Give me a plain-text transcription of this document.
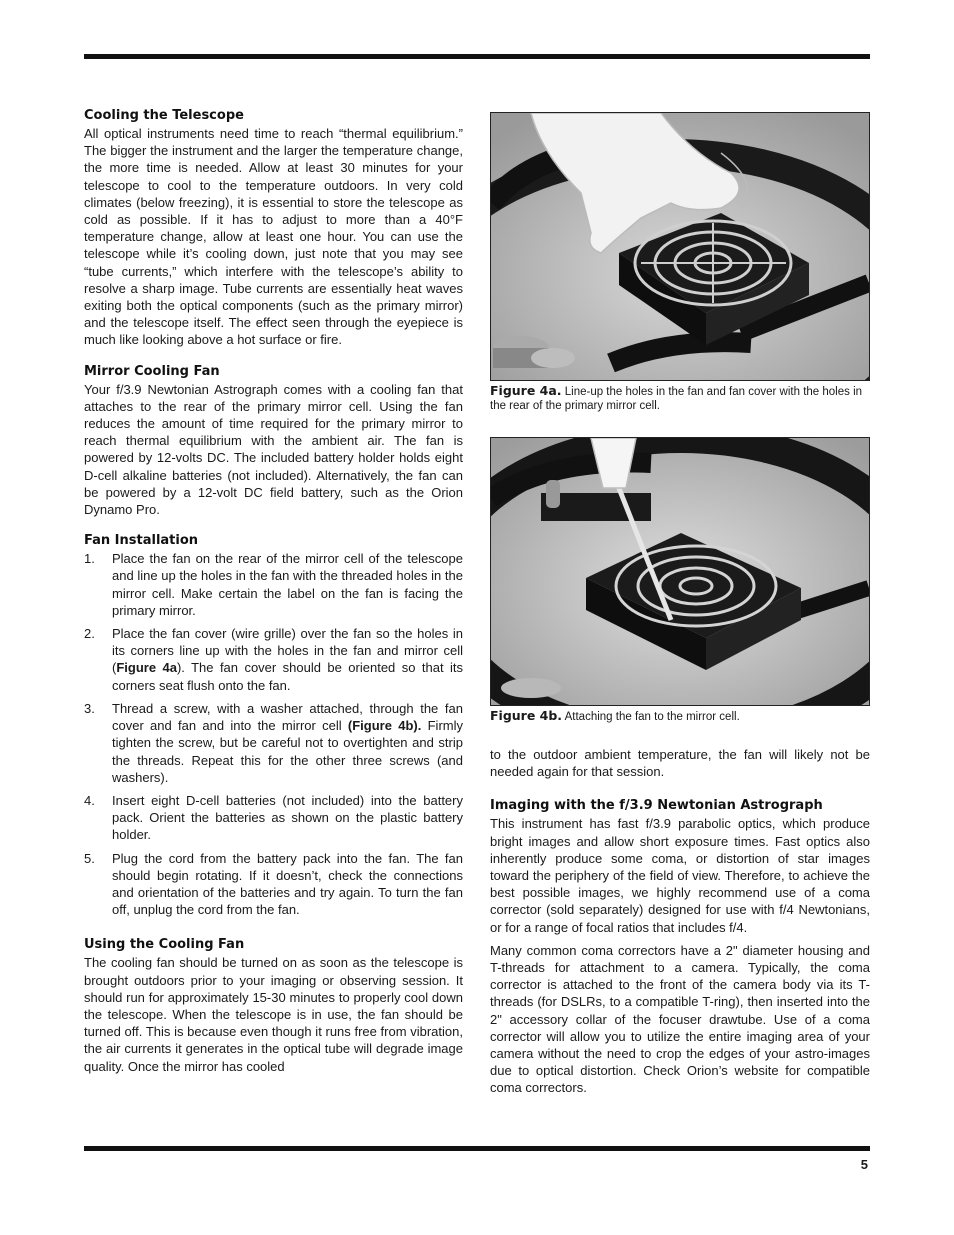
Cooling the Telescope

All optical instruments need time to reach “thermal equilibrium.” The bigger the instrument and the larger the temperature change, the more time is needed. Allow at least 30 minutes for your telescope to cool to the temperature outdoors. In very cold climates (below freezing), it is essential to store the telescope as cold as possible. If it has to adjust to more than a 40°F temperature change, allow at least one hour. You can use the telescope while it’s cooling down, just note that you may see “tube currents,” which interfere with the telescope’s ability to resolve a sharp image. Tube currents are essentially heat waves exiting both the optical components (such as the primary mirror) and the telescope itself. The effect seen through the eyepiece is much like looking above a hot surface or fire.

Mirror Cooling Fan

Your f/3.9 Newtonian Astrograph comes with a cooling fan that attaches to the rear of the primary mirror cell. Using the fan reduces the amount of time required for the primary mirror to reach thermal equilibrium with the ambient air. The fan is powered by 12-volts DC. The included battery holder holds eight D-cell alkaline batteries (not included). Alternatively, the fan can be powered by a 12-volt DC field battery, such as the Orion Dynamo Pro.

Fan Installation
1. Place the fan on the rear of the mirror cell of the telescope and line up the holes in the fan with the threaded holes in the mirror cell. Make certain the label on the fan is facing the primary mirror.
2. Place the fan cover (wire grille) over the fan so the holes in its corners line up with the holes in the fan and mirror cell (Figure 4a). The fan cover should be oriented so that its corners seat flush onto the fan.
3. Thread a screw, with a washer attached, through the fan cover and fan and into the mirror cell (Figure 4b). Firmly tighten the screw, but be careful not to overtighten and strip the threads. Repeat this for the other three screws (and washers).
4. Insert eight D-cell batteries (not included) into the battery pack. Orient the batteries as shown on the plastic battery holder.
5. Plug the cord from the battery pack into the fan. The fan should begin rotating. If it doesn’t, check the connections and orientation of the batteries and try again. To turn the fan off, unplug the cord from the fan.
Using the Cooling Fan

The cooling fan should be turned on as soon as the telescope is brought outdoors prior to your imaging or observing session. It should run for approximately 15-30 minutes to properly cool down the telescope. When the telescope is in use, the fan should be turned off. This is because even though it runs free from vibration, the air currents it generates in the optical tube will degrade image quality. Once the mirror has cooled

Figure 4a. Line-up the holes in the fan and fan cover with the holes in the rear of the primary mirror cell.
Figure 4b. Attaching the fan to the mirror cell.

to the outdoor ambient temperature, the fan will likely not be needed again for that session.

Imaging with the f/3.9 Newtonian Astrograph

This instrument has fast f/3.9 parabolic optics, which produce bright images and allow short exposure times. Fast optics also inherently produce some coma, or distortion of star images toward the periphery of the field of view. Therefore, to achieve the best possible images, we highly recommend use of a coma corrector (sold separately) designed for use with f/4 Newtonians, or for a range of focal ratios that includes f/4.

Many common coma correctors have a 2" diameter housing and T-threads for attachment to a camera. Typically, the coma corrector is attached to the front of the camera body via its T-threads (for DSLRs, to a compatible T-ring), then inserted into the 2" accessory collar of the focuser drawtube. Use of a coma corrector will allow you to utilize the entire imaging area of your camera without the need to crop the edges of your astro-images due to optical distortion. Check Orion’s website for compatible coma correctors.

5
